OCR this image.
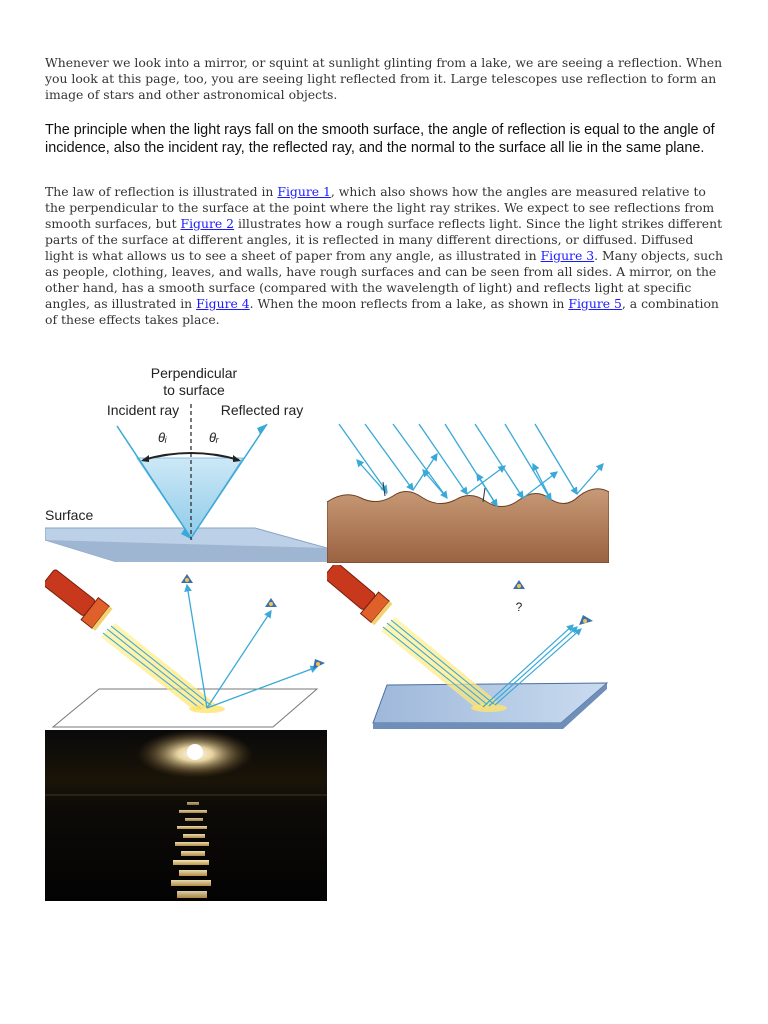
Whenever we look into a mirror, or squint at sunlight glinting from a lake, we are seeing a reflection. When you look at this page, too, you are seeing light reflected from it. Large telescopes use reflection to form an image of stars and other astronomical objects.

The principle when the light rays fall on the smooth surface, the angle of reflection is equal to the angle of incidence, also the incident ray, the reflected ray, and the normal to the surface all lie in the same plane.

The law of reflection is illustrated in Figure 1, which also shows how the angles are measured relative to the perpendicular to the surface at the point where the light ray strikes. We expect to see reflections from smooth surfaces, but Figure 2 illustrates how a rough surface reflects light. Since the light strikes different parts of the surface at different angles, it is reflected in many different directions, or diffused. Diffused light is what allows us to see a sheet of paper from any angle, as illustrated in Figure 3. Many objects, such as people, clothing, leaves, and walls, have rough surfaces and can be seen from all sides. A mirror, on the other hand, has a smooth surface (compared with the wavelength of light) and reflects light at specific angles, as illustrated in Figure 4. When the moon reflects from a lake, as shown in Figure 5, a combination of these effects takes place.

Perpendicular
to surface
Incident ray	Reflected ray
θᵢ	θᵣ
Surface
?
